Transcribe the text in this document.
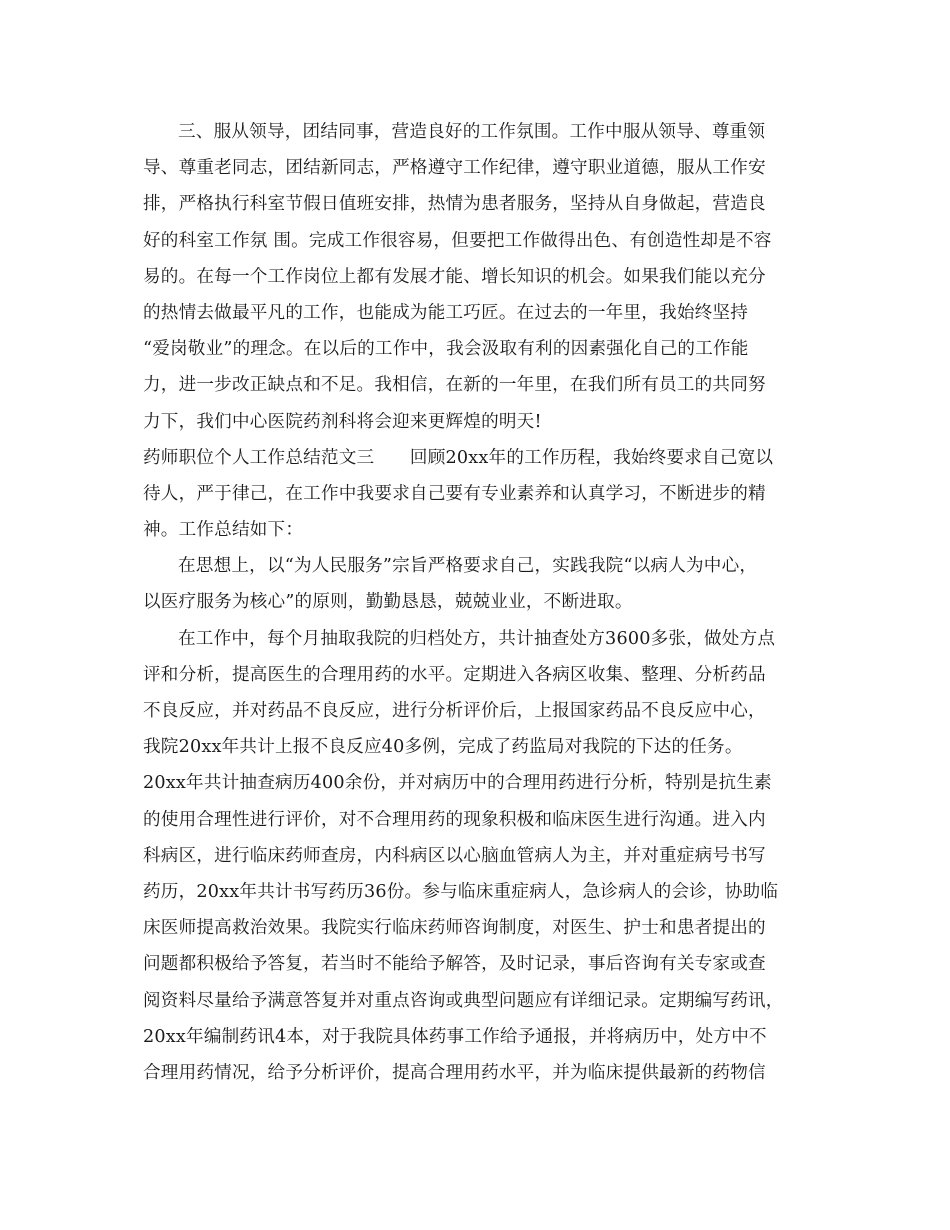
三、服从领导，团结同事，营造良好的工作氛围。工作中服从领导、尊重领
导、尊重老同志，团结新同志，严格遵守工作纪律，遵守职业道德，服从工作安
排，严格执行科室节假日值班安排，热情为患者服务，坚持从自身做起，营造良
好的科室工作氛 围。完成工作很容易，但要把工作做得出色、有创造性却是不容
易的。在每一个工作岗位上都有发展才能、增长知识的机会。如果我们能以充分
的热情去做最平凡的工作，也能成为能工巧匠。在过去的一年里，我始终坚持
“爱岗敬业”的理念。在以后的工作中，我会汲取有利的因素强化自己的工作能
力，进一步改正缺点和不足。我相信，在新的一年里，在我们所有员工的共同努
力下，我们中心医院药剂科将会迎来更辉煌的明天!
药师职位个人工作总结范文三　　回顾20xx年的工作历程，我始终要求自己宽以
待人，严于律己，在工作中我要求自己要有专业素养和认真学习，不断进步的精
神。工作总结如下：
在思想上，以“为人民服务”宗旨严格要求自己，实践我院“以病人为中心，
以医疗服务为核心”的原则，勤勤恳恳，兢兢业业，不断进取。
在工作中，每个月抽取我院的归档处方，共计抽查处方3600多张，做处方点
评和分析，提高医生的合理用药的水平。定期进入各病区收集、整理、分析药品
不良反应，并对药品不良反应，进行分析评价后，上报国家药品不良反应中心，
我院20xx年共计上报不良反应40多例，完成了药监局对我院的下达的任务。
20xx年共计抽查病历400余份，并对病历中的合理用药进行分析，特别是抗生素
的使用合理性进行评价，对不合理用药的现象积极和临床医生进行沟通。进入内
科病区，进行临床药师查房，内科病区以心脑血管病人为主，并对重症病号书写
药历，20xx年共计书写药历36份。参与临床重症病人，急诊病人的会诊，协助临
床医师提高救治效果。我院实行临床药师咨询制度，对医生、护士和患者提出的
问题都积极给予答复，若当时不能给予解答，及时记录，事后咨询有关专家或查
阅资料尽量给予满意答复并对重点咨询或典型问题应有详细记录。定期编写药讯，
20xx年编制药讯4本，对于我院具体药事工作给予通报，并将病历中，处方中不
合理用药情况，给予分析评价，提高合理用药水平，并为临床提供最新的药物信
